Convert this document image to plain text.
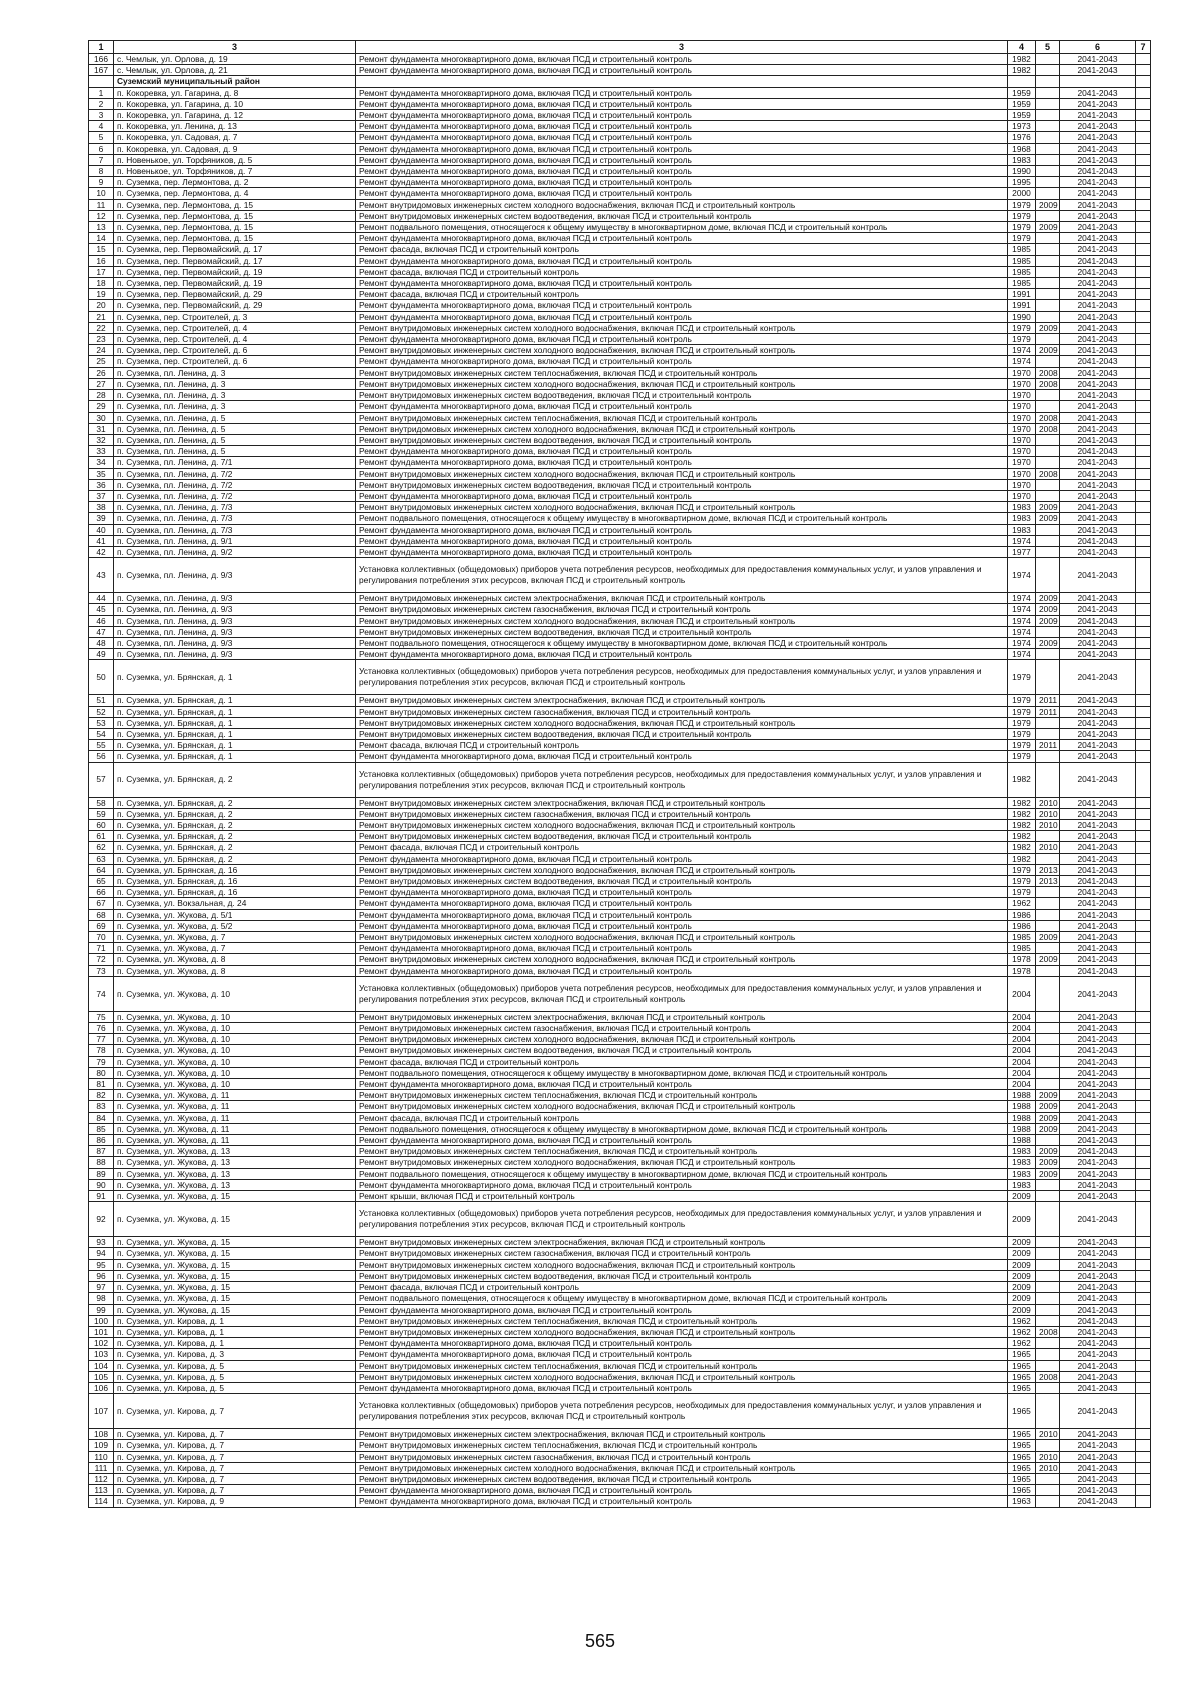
1	3	3	4	5	6	7
166	с. Чемлык, ул. Орлова, д. 19	Ремонт фундамента многоквартирного дома, включая ПСД и строительный контроль	1982		2041-2043	
167	с. Чемлык, ул. Орлова, д. 21	Ремонт фундамента многоквартирного дома, включая ПСД и строительный контроль	1982		2041-2043	
	Суземский муниципальный район					
1	п. Кокоревка, ул. Гагарина, д. 8	Ремонт фундамента многоквартирного дома, включая ПСД и строительный контроль	1959		2041-2043	
2	п. Кокоревка, ул. Гагарина, д. 10	Ремонт фундамента многоквартирного дома, включая ПСД и строительный контроль	1959		2041-2043	
3	п. Кокоревка, ул. Гагарина, д. 12	Ремонт фундамента многоквартирного дома, включая ПСД и строительный контроль	1959		2041-2043	
4	п. Кокоревка, ул. Ленина, д. 13	Ремонт фундамента многоквартирного дома, включая ПСД и строительный контроль	1973		2041-2043	
5	п. Кокоревка, ул. Садовая, д. 7	Ремонт фундамента многоквартирного дома, включая ПСД и строительный контроль	1976		2041-2043	
6	п. Кокоревка, ул. Садовая, д. 9	Ремонт фундамента многоквартирного дома, включая ПСД и строительный контроль	1968		2041-2043	
7	п. Новенькое, ул. Торфяников, д. 5	Ремонт фундамента многоквартирного дома, включая ПСД и строительный контроль	1983		2041-2043	
8	п. Новенькое, ул. Торфяников, д. 7	Ремонт фундамента многоквартирного дома, включая ПСД и строительный контроль	1990		2041-2043	
9	п. Суземка, пер. Лермонтова, д. 2	Ремонт фундамента многоквартирного дома, включая ПСД и строительный контроль	1995		2041-2043	
10	п. Суземка, пер. Лермонтова, д. 4	Ремонт фундамента многоквартирного дома, включая ПСД и строительный контроль	2000		2041-2043	
11	п. Суземка, пер. Лермонтова, д. 15	Ремонт внутридомовых инженерных систем холодного водоснабжения, включая ПСД и строительный контроль	1979	2009	2041-2043	
12	п. Суземка, пер. Лермонтова, д. 15	Ремонт внутридомовых инженерных систем водоотведения, включая ПСД и строительный контроль	1979		2041-2043	
13	п. Суземка, пер. Лермонтова, д. 15	Ремонт подвального помещения, относящегося к общему имуществу в многоквартирном доме, включая ПСД и строительный контроль	1979	2009	2041-2043	
14	п. Суземка, пер. Лермонтова, д. 15	Ремонт фундамента многоквартирного дома, включая ПСД и строительный контроль	1979		2041-2043	
15	п. Суземка, пер. Первомайский, д. 17	Ремонт фасада, включая ПСД и строительный контроль	1985		2041-2043	
16	п. Суземка, пер. Первомайский, д. 17	Ремонт фундамента многоквартирного дома, включая ПСД и строительный контроль	1985		2041-2043	
17	п. Суземка, пер. Первомайский, д. 19	Ремонт фасада, включая ПСД и строительный контроль	1985		2041-2043	
18	п. Суземка, пер. Первомайский, д. 19	Ремонт фундамента многоквартирного дома, включая ПСД и строительный контроль	1985		2041-2043	
19	п. Суземка, пер. Первомайский, д. 29	Ремонт фасада, включая ПСД и строительный контроль	1991		2041-2043	
20	п. Суземка, пер. Первомайский, д. 29	Ремонт фундамента многоквартирного дома, включая ПСД и строительный контроль	1991		2041-2043	
21	п. Суземка, пер. Строителей, д. 3	Ремонт фундамента многоквартирного дома, включая ПСД и строительный контроль	1990		2041-2043	
22	п. Суземка, пер. Строителей, д. 4	Ремонт внутридомовых инженерных систем холодного водоснабжения, включая ПСД и строительный контроль	1979	2009	2041-2043	
23	п. Суземка, пер. Строителей, д. 4	Ремонт фундамента многоквартирного дома, включая ПСД и строительный контроль	1979		2041-2043	
24	п. Суземка, пер. Строителей, д. 6	Ремонт внутридомовых инженерных систем холодного водоснабжения, включая ПСД и строительный контроль	1974	2009	2041-2043	
25	п. Суземка, пер. Строителей, д. 6	Ремонт фундамента многоквартирного дома, включая ПСД и строительный контроль	1974		2041-2043	
26	п. Суземка, пл. Ленина, д. 3	Ремонт внутридомовых инженерных систем теплоснабжения, включая ПСД и строительный контроль	1970	2008	2041-2043	
27	п. Суземка, пл. Ленина, д. 3	Ремонт внутридомовых инженерных систем холодного водоснабжения, включая ПСД и строительный контроль	1970	2008	2041-2043	
28	п. Суземка, пл. Ленина, д. 3	Ремонт внутридомовых инженерных систем водоотведения, включая ПСД и строительный контроль	1970		2041-2043	
29	п. Суземка, пл. Ленина, д. 3	Ремонт фундамента многоквартирного дома, включая ПСД и строительный контроль	1970		2041-2043	
30	п. Суземка, пл. Ленина, д. 5	Ремонт внутридомовых инженерных систем теплоснабжения, включая ПСД и строительный контроль	1970	2008	2041-2043	
31	п. Суземка, пл. Ленина, д. 5	Ремонт внутридомовых инженерных систем холодного водоснабжения, включая ПСД и строительный контроль	1970	2008	2041-2043	
32	п. Суземка, пл. Ленина, д. 5	Ремонт внутридомовых инженерных систем водоотведения, включая ПСД и строительный контроль	1970		2041-2043	
33	п. Суземка, пл. Ленина, д. 5	Ремонт фундамента многоквартирного дома, включая ПСД и строительный контроль	1970		2041-2043	
34	п. Суземка, пл. Ленина, д. 7/1	Ремонт фундамента многоквартирного дома, включая ПСД и строительный контроль	1970		2041-2043	
35	п. Суземка, пл. Ленина, д. 7/2	Ремонт внутридомовых инженерных систем холодного водоснабжения, включая ПСД и строительный контроль	1970	2008	2041-2043	
36	п. Суземка, пл. Ленина, д. 7/2	Ремонт внутридомовых инженерных систем водоотведения, включая ПСД и строительный контроль	1970		2041-2043	
37	п. Суземка, пл. Ленина, д. 7/2	Ремонт фундамента многоквартирного дома, включая ПСД и строительный контроль	1970		2041-2043	
38	п. Суземка, пл. Ленина, д. 7/3	Ремонт внутридомовых инженерных систем холодного водоснабжения, включая ПСД и строительный контроль	1983	2009	2041-2043	
39	п. Суземка, пл. Ленина, д. 7/3	Ремонт подвального помещения, относящегося к общему имуществу в многоквартирном доме, включая ПСД и строительный контроль	1983	2009	2041-2043	
40	п. Суземка, пл. Ленина, д. 7/3	Ремонт фундамента многоквартирного дома, включая ПСД и строительный контроль	1983		2041-2043	
41	п. Суземка, пл. Ленина, д. 9/1	Ремонт фундамента многоквартирного дома, включая ПСД и строительный контроль	1974		2041-2043	
42	п. Суземка, пл. Ленина, д. 9/2	Ремонт фундамента многоквартирного дома, включая ПСД и строительный контроль	1977		2041-2043	
43	п. Суземка, пл. Ленина, д. 9/3	Установка коллективных (общедомовых) приборов учета потребления ресурсов, необходимых для предоставления коммунальных услуг, и узлов управления и регулирования потребления этих ресурсов, включая ПСД и строительный контроль	1974		2041-2043	
44	п. Суземка, пл. Ленина, д. 9/3	Ремонт внутридомовых инженерных систем электроснабжения, включая ПСД и строительный контроль	1974	2009	2041-2043	
45	п. Суземка, пл. Ленина, д. 9/3	Ремонт внутридомовых инженерных систем газоснабжения, включая ПСД и строительный контроль	1974	2009	2041-2043	
46	п. Суземка, пл. Ленина, д. 9/3	Ремонт внутридомовых инженерных систем холодного водоснабжения, включая ПСД и строительный контроль	1974	2009	2041-2043	
47	п. Суземка, пл. Ленина, д. 9/3	Ремонт внутридомовых инженерных систем водоотведения, включая ПСД и строительный контроль	1974		2041-2043	
48	п. Суземка, пл. Ленина, д. 9/3	Ремонт подвального помещения, относящегося к общему имуществу в многоквартирном доме, включая ПСД и строительный контроль	1974	2009	2041-2043	
49	п. Суземка, пл. Ленина, д. 9/3	Ремонт фундамента многоквартирного дома, включая ПСД и строительный контроль	1974		2041-2043	
50	п. Суземка, ул. Брянская, д. 1	Установка коллективных (общедомовых) приборов учета потребления ресурсов, необходимых для предоставления коммунальных услуг, и узлов управления и регулирования потребления этих ресурсов, включая ПСД и строительный контроль	1979		2041-2043	
51	п. Суземка, ул. Брянская, д. 1	Ремонт внутридомовых инженерных систем электроснабжения, включая ПСД и строительный контроль	1979	2011	2041-2043	
52	п. Суземка, ул. Брянская, д. 1	Ремонт внутридомовых инженерных систем газоснабжения, включая ПСД и строительный контроль	1979	2011	2041-2043	
53	п. Суземка, ул. Брянская, д. 1	Ремонт внутридомовых инженерных систем холодного водоснабжения, включая ПСД и строительный контроль	1979		2041-2043	
54	п. Суземка, ул. Брянская, д. 1	Ремонт внутридомовых инженерных систем водоотведения, включая ПСД и строительный контроль	1979		2041-2043	
55	п. Суземка, ул. Брянская, д. 1	Ремонт фасада, включая ПСД и строительный контроль	1979	2011	2041-2043	
56	п. Суземка, ул. Брянская, д. 1	Ремонт фундамента многоквартирного дома, включая ПСД и строительный контроль	1979		2041-2043	
57	п. Суземка, ул. Брянская, д. 2	Установка коллективных (общедомовых) приборов учета потребления ресурсов, необходимых для предоставления коммунальных услуг, и узлов управления и регулирования потребления этих ресурсов, включая ПСД и строительный контроль	1982		2041-2043	
58	п. Суземка, ул. Брянская, д. 2	Ремонт внутридомовых инженерных систем электроснабжения, включая ПСД и строительный контроль	1982	2010	2041-2043	
59	п. Суземка, ул. Брянская, д. 2	Ремонт внутридомовых инженерных систем газоснабжения, включая ПСД и строительный контроль	1982	2010	2041-2043	
60	п. Суземка, ул. Брянская, д. 2	Ремонт внутридомовых инженерных систем холодного водоснабжения, включая ПСД и строительный контроль	1982	2010	2041-2043	
61	п. Суземка, ул. Брянская, д. 2	Ремонт внутридомовых инженерных систем водоотведения, включая ПСД и строительный контроль	1982		2041-2043	
62	п. Суземка, ул. Брянская, д. 2	Ремонт фасада, включая ПСД и строительный контроль	1982	2010	2041-2043	
63	п. Суземка, ул. Брянская, д. 2	Ремонт фундамента многоквартирного дома, включая ПСД и строительный контроль	1982		2041-2043	
64	п. Суземка, ул. Брянская, д. 16	Ремонт внутридомовых инженерных систем холодного водоснабжения, включая ПСД и строительный контроль	1979	2013	2041-2043	
65	п. Суземка, ул. Брянская, д. 16	Ремонт внутридомовых инженерных систем водоотведения, включая ПСД и строительный контроль	1979	2013	2041-2043	
66	п. Суземка, ул. Брянская, д. 16	Ремонт фундамента многоквартирного дома, включая ПСД и строительный контроль	1979		2041-2043	
67	п. Суземка, ул. Вокзальная, д. 24	Ремонт фундамента многоквартирного дома, включая ПСД и строительный контроль	1962		2041-2043	
68	п. Суземка, ул. Жукова, д. 5/1	Ремонт фундамента многоквартирного дома, включая ПСД и строительный контроль	1986		2041-2043	
69	п. Суземка, ул. Жукова, д. 5/2	Ремонт фундамента многоквартирного дома, включая ПСД и строительный контроль	1986		2041-2043	
70	п. Суземка, ул. Жукова, д. 7	Ремонт внутридомовых инженерных систем холодного водоснабжения, включая ПСД и строительный контроль	1985	2009	2041-2043	
71	п. Суземка, ул. Жукова, д. 7	Ремонт фундамента многоквартирного дома, включая ПСД и строительный контроль	1985		2041-2043	
72	п. Суземка, ул. Жукова, д. 8	Ремонт внутридомовых инженерных систем холодного водоснабжения, включая ПСД и строительный контроль	1978	2009	2041-2043	
73	п. Суземка, ул. Жукова, д. 8	Ремонт фундамента многоквартирного дома, включая ПСД и строительный контроль	1978		2041-2043	
74	п. Суземка, ул. Жукова, д. 10	Установка коллективных (общедомовых) приборов учета потребления ресурсов, необходимых для предоставления коммунальных услуг, и узлов управления и регулирования потребления этих ресурсов, включая ПСД и строительный контроль	2004		2041-2043	
75	п. Суземка, ул. Жукова, д. 10	Ремонт внутридомовых инженерных систем электроснабжения, включая ПСД и строительный контроль	2004		2041-2043	
76	п. Суземка, ул. Жукова, д. 10	Ремонт внутридомовых инженерных систем газоснабжения, включая ПСД и строительный контроль	2004		2041-2043	
77	п. Суземка, ул. Жукова, д. 10	Ремонт внутридомовых инженерных систем холодного водоснабжения, включая ПСД и строительный контроль	2004		2041-2043	
78	п. Суземка, ул. Жукова, д. 10	Ремонт внутридомовых инженерных систем водоотведения, включая ПСД и строительный контроль	2004		2041-2043	
79	п. Суземка, ул. Жукова, д. 10	Ремонт фасада, включая ПСД и строительный контроль	2004		2041-2043	
80	п. Суземка, ул. Жукова, д. 10	Ремонт подвального помещения, относящегося к общему имуществу в многоквартирном доме, включая ПСД и строительный контроль	2004		2041-2043	
81	п. Суземка, ул. Жукова, д. 10	Ремонт фундамента многоквартирного дома, включая ПСД и строительный контроль	2004		2041-2043	
82	п. Суземка, ул. Жукова, д. 11	Ремонт внутридомовых инженерных систем теплоснабжения, включая ПСД и строительный контроль	1988	2009	2041-2043	
83	п. Суземка, ул. Жукова, д. 11	Ремонт внутридомовых инженерных систем холодного водоснабжения, включая ПСД и строительный контроль	1988	2009	2041-2043	
84	п. Суземка, ул. Жукова, д. 11	Ремонт фасада, включая ПСД и строительный контроль	1988	2009	2041-2043	
85	п. Суземка, ул. Жукова, д. 11	Ремонт подвального помещения, относящегося к общему имуществу в многоквартирном доме, включая ПСД и строительный контроль	1988	2009	2041-2043	
86	п. Суземка, ул. Жукова, д. 11	Ремонт фундамента многоквартирного дома, включая ПСД и строительный контроль	1988		2041-2043	
87	п. Суземка, ул. Жукова, д. 13	Ремонт внутридомовых инженерных систем теплоснабжения, включая ПСД и строительный контроль	1983	2009	2041-2043	
88	п. Суземка, ул. Жукова, д. 13	Ремонт внутридомовых инженерных систем холодного водоснабжения, включая ПСД и строительный контроль	1983	2009	2041-2043	
89	п. Суземка, ул. Жукова, д. 13	Ремонт подвального помещения, относящегося к общему имуществу в многоквартирном доме, включая ПСД и строительный контроль	1983	2009	2041-2043	
90	п. Суземка, ул. Жукова, д. 13	Ремонт фундамента многоквартирного дома, включая ПСД и строительный контроль	1983		2041-2043	
91	п. Суземка, ул. Жукова, д. 15	Ремонт крыши, включая ПСД и строительный контроль	2009		2041-2043	
92	п. Суземка, ул. Жукова, д. 15	Установка коллективных (общедомовых) приборов учета потребления ресурсов, необходимых для предоставления коммунальных услуг, и узлов управления и регулирования потребления этих ресурсов, включая ПСД и строительный контроль	2009		2041-2043	
93	п. Суземка, ул. Жукова, д. 15	Ремонт внутридомовых инженерных систем электроснабжения, включая ПСД и строительный контроль	2009		2041-2043	
94	п. Суземка, ул. Жукова, д. 15	Ремонт внутридомовых инженерных систем газоснабжения, включая ПСД и строительный контроль	2009		2041-2043	
95	п. Суземка, ул. Жукова, д. 15	Ремонт внутридомовых инженерных систем холодного водоснабжения, включая ПСД и строительный контроль	2009		2041-2043	
96	п. Суземка, ул. Жукова, д. 15	Ремонт внутридомовых инженерных систем водоотведения, включая ПСД и строительный контроль	2009		2041-2043	
97	п. Суземка, ул. Жукова, д. 15	Ремонт фасада, включая ПСД и строительный контроль	2009		2041-2043	
98	п. Суземка, ул. Жукова, д. 15	Ремонт подвального помещения, относящегося к общему имуществу в многоквартирном доме, включая ПСД и строительный контроль	2009		2041-2043	
99	п. Суземка, ул. Жукова, д. 15	Ремонт фундамента многоквартирного дома, включая ПСД и строительный контроль	2009		2041-2043	
100	п. Суземка, ул. Кирова, д. 1	Ремонт внутридомовых инженерных систем теплоснабжения, включая ПСД и строительный контроль	1962		2041-2043	
101	п. Суземка, ул. Кирова, д. 1	Ремонт внутридомовых инженерных систем холодного водоснабжения, включая ПСД и строительный контроль	1962	2008	2041-2043	
102	п. Суземка, ул. Кирова, д. 1	Ремонт фундамента многоквартирного дома, включая ПСД и строительный контроль	1962		2041-2043	
103	п. Суземка, ул. Кирова, д. 3	Ремонт фундамента многоквартирного дома, включая ПСД и строительный контроль	1965		2041-2043	
104	п. Суземка, ул. Кирова, д. 5	Ремонт внутридомовых инженерных систем теплоснабжения, включая ПСД и строительный контроль	1965		2041-2043	
105	п. Суземка, ул. Кирова, д. 5	Ремонт внутридомовых инженерных систем холодного водоснабжения, включая ПСД и строительный контроль	1965	2008	2041-2043	
106	п. Суземка, ул. Кирова, д. 5	Ремонт фундамента многоквартирного дома, включая ПСД и строительный контроль	1965		2041-2043	
107	п. Суземка, ул. Кирова, д. 7	Установка коллективных (общедомовых) приборов учета потребления ресурсов, необходимых для предоставления коммунальных услуг, и узлов управления и регулирования потребления этих ресурсов, включая ПСД и строительный контроль	1965		2041-2043	
108	п. Суземка, ул. Кирова, д. 7	Ремонт внутридомовых инженерных систем электроснабжения, включая ПСД и строительный контроль	1965	2010	2041-2043	
109	п. Суземка, ул. Кирова, д. 7	Ремонт внутридомовых инженерных систем теплоснабжения, включая ПСД и строительный контроль	1965		2041-2043	
110	п. Суземка, ул. Кирова, д. 7	Ремонт внутридомовых инженерных систем газоснабжения, включая ПСД и строительный контроль	1965	2010	2041-2043	
111	п. Суземка, ул. Кирова, д. 7	Ремонт внутридомовых инженерных систем холодного водоснабжения, включая ПСД и строительный контроль	1965	2010	2041-2043	
112	п. Суземка, ул. Кирова, д. 7	Ремонт внутридомовых инженерных систем водоотведения, включая ПСД и строительный контроль	1965		2041-2043	
113	п. Суземка, ул. Кирова, д. 7	Ремонт фундамента многоквартирного дома, включая ПСД и строительный контроль	1965		2041-2043	
114	п. Суземка, ул. Кирова, д. 9	Ремонт фундамента многоквартирного дома, включая ПСД и строительный контроль	1963		2041-2043	
565
